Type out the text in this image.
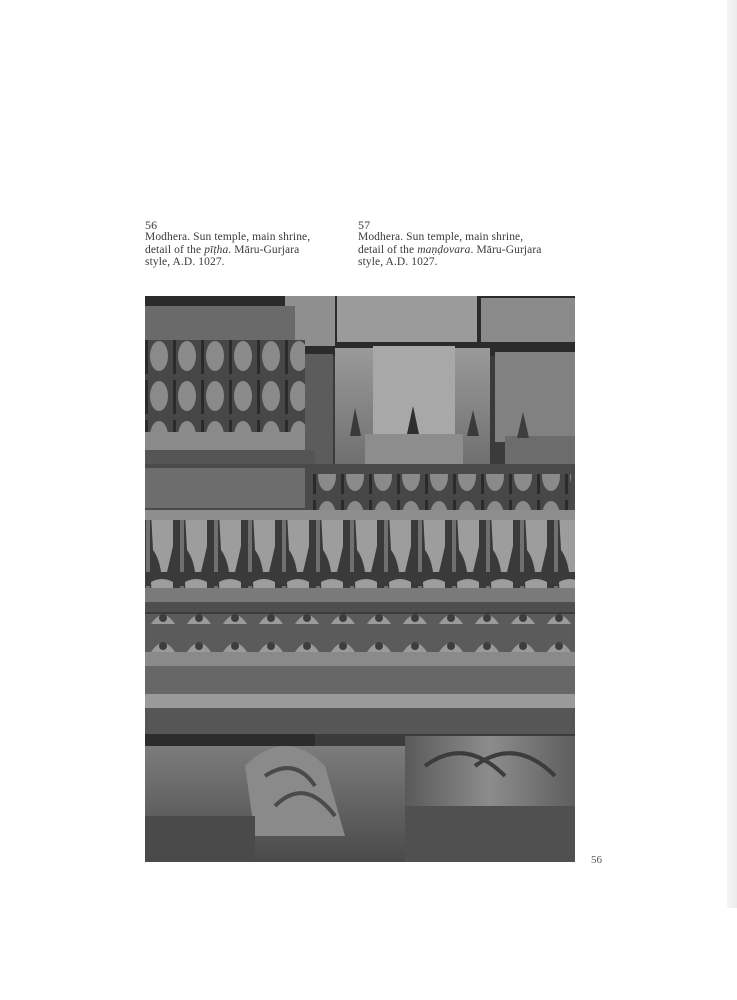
56
Modhera. Sun temple, main shrine,
detail of the pīṭha. Māru-Gurjara
style, A.D. 1027.
57
Modhera. Sun temple, main shrine,
detail of the maṇḍovara. Māru-Gurjara
style, A.D. 1027.
56
